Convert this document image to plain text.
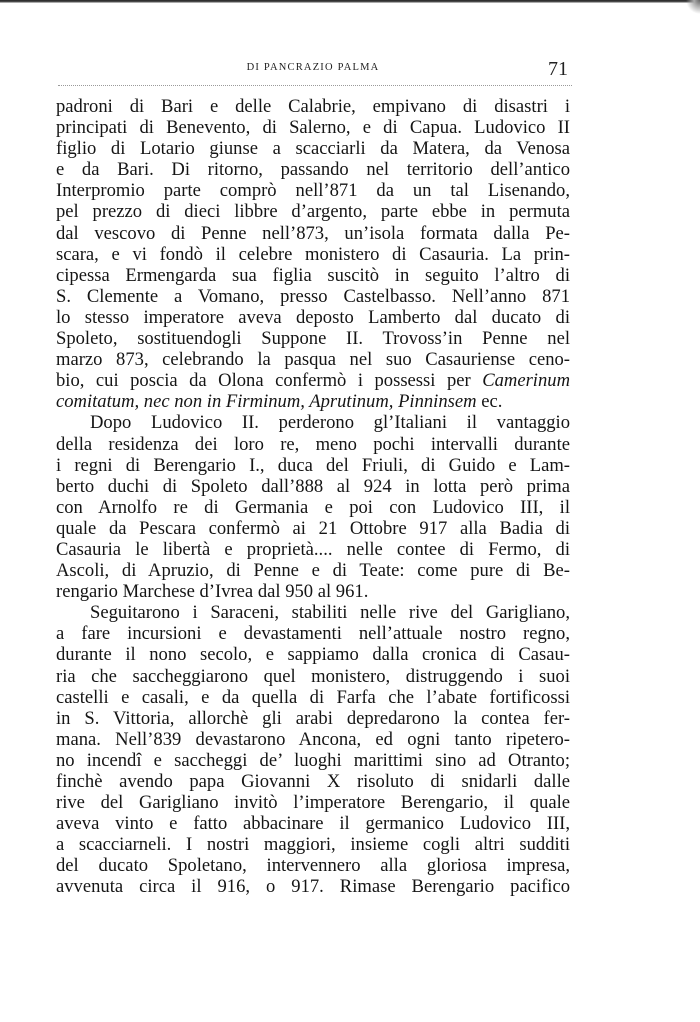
DI PANCRAZIO PALMA	71
padroni di Bari e delle Calabrie, empivano di disastri i
principati di Benevento, di Salerno, e di Capua. Ludovico II
figlio di Lotario giunse a scacciarli da Matera, da Venosa
e da Bari. Di ritorno, passando nel territorio dell’antico
Interpromio parte comprò nell’871 da un tal Lisenando,
pel prezzo di dieci libbre d’argento, parte ebbe in permuta
dal vescovo di Penne nell’873, un’isola formata dalla Pe-
scara, e vi fondò il celebre monistero di Casauria. La prin-
cipessa Ermengarda sua figlia suscitò in seguito l’altro di
S. Clemente a Vomano, presso Castelbasso. Nell’anno 871
lo stesso imperatore aveva deposto Lamberto dal ducato di
Spoleto, sostituendogli Suppone II. Trovoss’in Penne nel
marzo 873, celebrando la pasqua nel suo Casauriense ceno-
bio, cui poscia da Olona confermò i possessi per Camerinum
comitatum, nec non in Firminum, Aprutinum, Pinninsem ec.
Dopo Ludovico II. perderono gl’Italiani il vantaggio
della residenza dei loro re, meno pochi intervalli durante
i regni di Berengario I., duca del Friuli, di Guido e Lam-
berto duchi di Spoleto dall’888 al 924 in lotta però prima
con Arnolfo re di Germania e poi con Ludovico III, il
quale da Pescara confermò ai 21 Ottobre 917 alla Badia di
Casauria le libertà e proprietà.... nelle contee di Fermo, di
Ascoli, di Apruzio, di Penne e di Teate: come pure di Be-
rengario Marchese d’Ivrea dal 950 al 961.
Seguitarono i Saraceni, stabiliti nelle rive del Garigliano,
a fare incursioni e devastamenti nell’attuale nostro regno,
durante il nono secolo, e sappiamo dalla cronica di Casau-
ria che saccheggiarono quel monistero, distruggendo i suoi
castelli e casali, e da quella di Farfa che l’abate fortificossi
in S. Vittoria, allorchè gli arabi depredarono la contea fer-
mana. Nell’839 devastarono Ancona, ed ogni tanto ripetero-
no incendî e saccheggi de’ luoghi marittimi sino ad Otranto;
finchè avendo papa Giovanni X risoluto di snidarli dalle
rive del Garigliano invitò l’imperatore Berengario, il quale
aveva vinto e fatto abbacinare il germanico Ludovico III,
a scacciarneli. I nostri maggiori, insieme cogli altri sudditi
del ducato Spoletano, intervennero alla gloriosa impresa,
avvenuta circa il 916, o 917. Rimase Berengario pacifico
